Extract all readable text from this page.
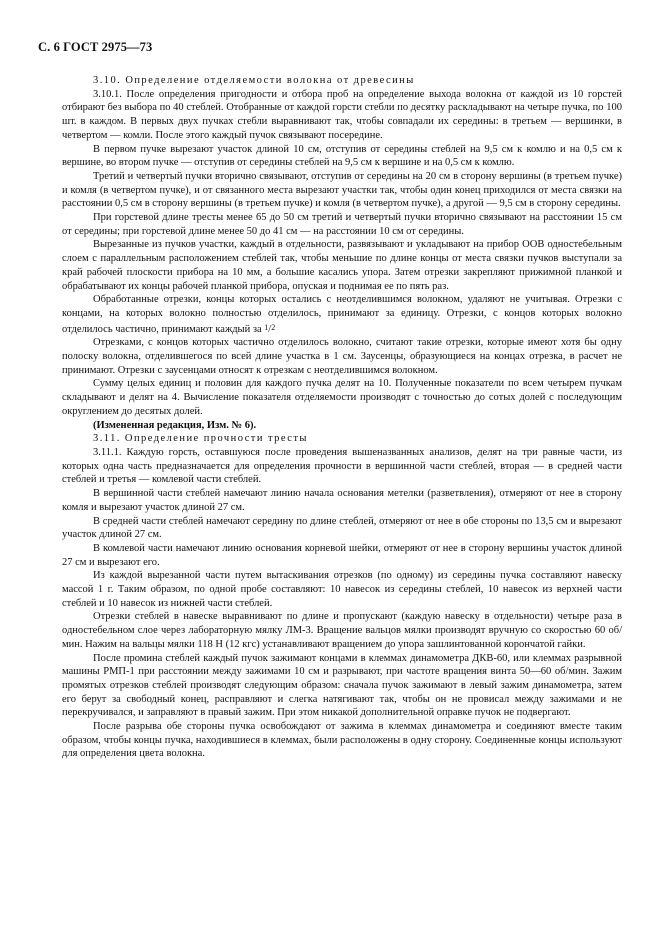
С. 6 ГОСТ 2975—73

3.10. Определение отделяемости волокна от древесины

3.10.1. После определения пригодности и отбора проб на определение выхода волокна от каждой из 10 горстей отбирают без выбора по 40 стеблей. Отобранные от каждой горсти стебли по десятку раскладывают на четыре пучка, по 100 шт. в каждом. В первых двух пучках стебли выравнивают так, чтобы совпадали их середины: в третьем — вершинки, в четвертом — комли. После этого каждый пучок связывают посередине.

В первом пучке вырезают участок длиной 10 см, отступив от середины стеблей на 9,5 см к комлю и на 0,5 см к вершине, во втором пучке — отступив от середины стеблей на 9,5 см к вершине и на 0,5 см к комлю.

Третий и четвертый пучки вторично связывают, отступив от середины на 20 см в сторону вершины (в третьем пучке) и комля (в четвертом пучке), и от связанного места вырезают участки так, чтобы один конец приходился от места связки на расстоянии 0,5 см в сторону вершины (в третьем пучке) и комля (в четвертом пучке), а другой — 9,5 см в сторону середины.

При горстевой длине тресты менее 65 до 50 см третий и четвертый пучки вторично связывают на расстоянии 15 см от середины; при горстевой длине менее 50 до 41 см — на расстоянии 10 см от середины.

Вырезанные из пучков участки, каждый в отдельности, развязывают и укладывают на прибор ООВ одностебельным слоем с параллельным расположением стеблей так, чтобы меньшие по длине концы от места связки пучков выступали за край рабочей плоскости прибора на 10 мм, а большие касались упора. Затем отрезки закрепляют прижимной планкой и обрабатывают их концы рабочей планкой прибора, опуская и поднимая ее по пять раз.

Обработанные отрезки, концы которых остались с неотделившимся волокном, удаляют не учитывая. Отрезки с концами, на которых волокно полностью отделилось, принимают за единицу. Отрезки, с концов которых волокно отделилось частично, принимают каждый за $^1/_2$

Отрезками, с концов которых частично отделилось волокно, считают такие отрезки, которые имеют хотя бы одну полоску волокна, отделившегося по всей длине участка в 1 см. Заусенцы, образующиеся на концах отрезка, в расчет не принимают. Отрезки с заусенцами относят к отрезкам с неотделившимся волокном.

Сумму целых единиц и половин для каждого пучка делят на 10. Полученные показатели по всем четырем пучкам складывают и делят на 4. Вычисление показателя отделяемости производят с точностью до сотых долей с последующим округлением до десятых долей.

(Измененная редакция, Изм. № 6).

3.11. Определение прочности тресты

3.11.1. Каждую горсть, оставшуюся после проведения вышеназванных анализов, делят на три равные части, из которых одна часть предназначается для определения прочности в вершинной части стеблей, вторая — в средней части стеблей и третья — комлевой части стеблей.

В вершинной части стеблей намечают линию начала основания метелки (разветвления), отмеряют от нее в сторону комля и вырезают участок длиной 27 см.

В средней части стеблей намечают середину по длине стеблей, отмеряют от нее в обе стороны по 13,5 см и вырезают участок длиной 27 см.

В комлевой части намечают линию основания корневой шейки, отмеряют от нее в сторону вершины участок длиной 27 см и вырезают его.

Из каждой вырезанной части путем вытаскивания отрезков (по одному) из середины пучка составляют навеску массой 1 г. Таким образом, по одной пробе составляют: 10 навесок из середины стеблей, 10 навесок из верхней части стеблей и 10 навесок из нижней части стеблей.

Отрезки стеблей в навеске выравнивают по длине и пропускают (каждую навеску в отдельности) четыре раза в одностебельном слое через лабораторную мялку ЛМ-3. Вращение вальцов мялки производят вручную со скоростью 60 об/мин. Нажим на вальцы мялки 118 Н (12 кгс) устанавливают вращением до упора зашлинтованной корончатой гайки.

После промина стеблей каждый пучок зажимают концами в клеммах динамометра ДКВ-60, или клеммах разрывной машины РМП-1 при расстоянии между зажимами 10 см и разрывают, при частоте вращения винта 50—60 об/мин. Зажим промятых отрезков стеблей производят следующим образом: сначала пучок зажимают в левый зажим динамометра, затем его берут за свободный конец, расправляют и слегка натягивают так, чтобы он не провисал между зажимами и не перекручивался, и заправляют в правый зажим. При этом никакой дополнительной оправке пучок не подвергают.

После разрыва обе стороны пучка освобождают от зажима в клеммах динамометра и соединяют вместе таким образом, чтобы концы пучка, находившиеся в клеммах, были расположены в одну сторону. Соединенные концы используют для определения цвета волокна.
